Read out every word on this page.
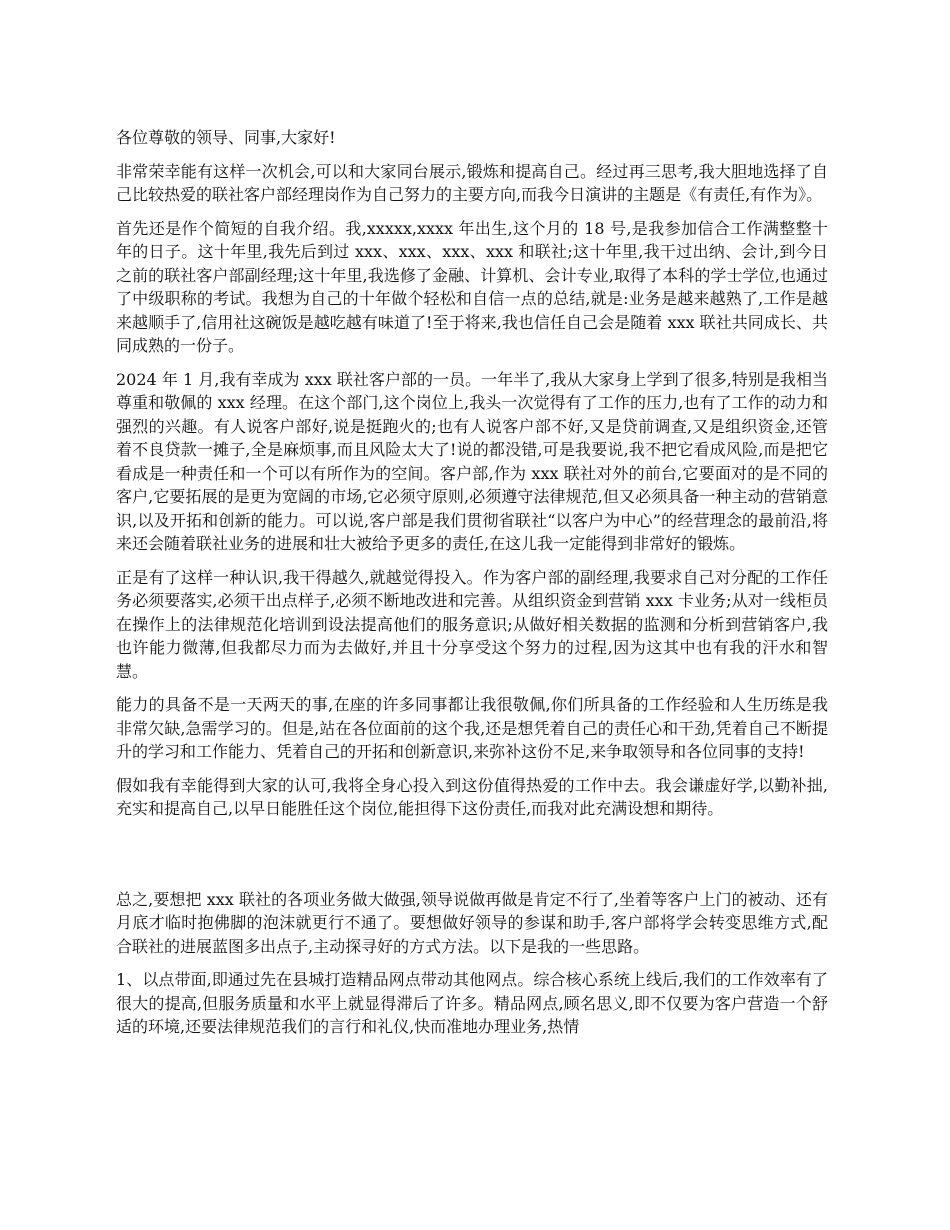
各位尊敬的领导、同事,大家好!

非常荣幸能有这样一次机会,可以和大家同台展示,锻炼和提高自己。经过再三思考,我大胆地选择了自己比较热爱的联社客户部经理岗作为自己努力的主要方向,而我今日演讲的主题是《有责任,有作为》。

首先还是作个简短的自我介绍。我,xxxxx,xxxx 年出生,这个月的 18 号,是我参加信合工作满整整十年的日子。这十年里,我先后到过 xxx、xxx、xxx、xxx 和联社;这十年里,我干过出纳、会计,到今日之前的联社客户部副经理;这十年里,我选修了金融、计算机、会计专业,取得了本科的学士学位,也通过了中级职称的考试。我想为自己的十年做个轻松和自信一点的总结,就是:业务是越来越熟了,工作是越来越顺手了,信用社这碗饭是越吃越有味道了!至于将来,我也信任自己会是随着 xxx 联社共同成长、共同成熟的一份子。

2024 年 1 月,我有幸成为 xxx 联社客户部的一员。一年半了,我从大家身上学到了很多,特别是我相当尊重和敬佩的 xxx 经理。在这个部门,这个岗位上,我头一次觉得有了工作的压力,也有了工作的动力和强烈的兴趣。有人说客户部好,说是挺跑火的;也有人说客户部不好,又是贷前调查,又是组织资金,还管着不良贷款一摊子,全是麻烦事,而且风险太大了!说的都没错,可是我要说,我不把它看成风险,而是把它看成是一种责任和一个可以有所作为的空间。客户部,作为 xxx 联社对外的前台,它要面对的是不同的客户,它要拓展的是更为宽阔的市场,它必须守原则,必须遵守法律规范,但又必须具备一种主动的营销意识,以及开拓和创新的能力。可以说,客户部是我们贯彻省联社“以客户为中心”的经营理念的最前沿,将来还会随着联社业务的进展和壮大被给予更多的责任,在这儿我一定能得到非常好的锻炼。

正是有了这样一种认识,我干得越久,就越觉得投入。作为客户部的副经理,我要求自己对分配的工作任务必须要落实,必须干出点样子,必须不断地改进和完善。从组织资金到营销 xxx 卡业务;从对一线柜员在操作上的法律规范化培训到设法提高他们的服务意识;从做好相关数据的监测和分析到营销客户,我也许能力微薄,但我都尽力而为去做好,并且十分享受这个努力的过程,因为这其中也有我的汗水和智慧。

能力的具备不是一天两天的事,在座的许多同事都让我很敬佩,你们所具备的工作经验和人生历练是我非常欠缺,急需学习的。但是,站在各位面前的这个我,还是想凭着自己的责任心和干劲,凭着自己不断提升的学习和工作能力、凭着自己的开拓和创新意识,来弥补这份不足,来争取领导和各位同事的支持!

假如我有幸能得到大家的认可,我将全身心投入到这份值得热爱的工作中去。我会谦虚好学,以勤补拙,充实和提高自己,以早日能胜任这个岗位,能担得下这份责任,而我对此充满设想和期待。

总之,要想把 xxx 联社的各项业务做大做强,领导说做再做是肯定不行了,坐着等客户上门的被动、还有月底才临时抱佛脚的泡沫就更行不通了。要想做好领导的参谋和助手,客户部将学会转变思维方式,配合联社的进展蓝图多出点子,主动探寻好的方式方法。以下是我的一些思路。

1、以点带面,即通过先在县城打造精品网点带动其他网点。综合核心系统上线后,我们的工作效率有了很大的提高,但服务质量和水平上就显得滞后了许多。精品网点,顾名思义,即不仅要为客户营造一个舒适的环境,还要法律规范我们的言行和礼仪,快而准地办理业务,热情
